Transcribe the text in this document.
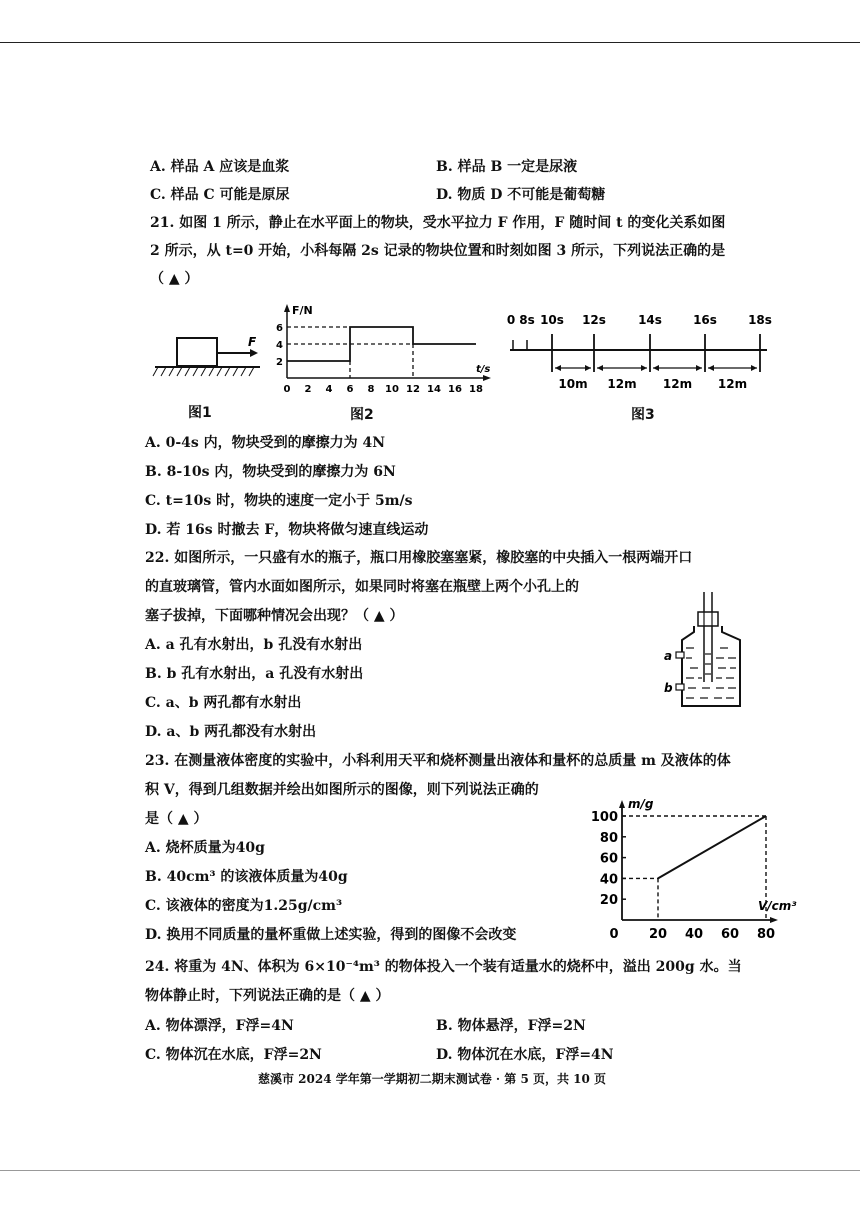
A. 样品 A 应该是血浆	B. 样品 B 一定是尿液
C. 样品 C 可能是原尿	D. 物质 D 不可能是葡萄糖
21. 如图 1 所示，静止在水平面上的物块，受水平拉力 F 作用，F 随时间 t 的变化关系如图
2 所示，从 t=0 开始，小科每隔 2s 记录的物块位置和时刻如图 3 所示，下列说法正确的是
（ ▲ ）
F
图1
F/N
t/s
0 2 4 6 8 10 12 14 16 18
2
4
6
图2
0 8s 10s 12s	14s	16s	18s
10m 12m 12m 12m
图3
A. 0-4s 内，物块受到的摩擦力为 4N
B. 8-10s 内，物块受到的摩擦力为 6N
C. t=10s 时，物块的速度一定小于 5m/s
D. 若 16s 时撤去 F，物块将做匀速直线运动
22. 如图所示，一只盛有水的瓶子，瓶口用橡胶塞塞紧，橡胶塞的中央插入一根两端开口
的直玻璃管，管内水面如图所示，如果同时将塞在瓶壁上两个小孔上的
塞子拔掉，下面哪种情况会出现？（ ▲ ）
A. a 孔有水射出，b 孔没有水射出
B. b 孔有水射出，a 孔没有水射出
C. a、b 两孔都有水射出
D. a、b 两孔都没有水射出
a
b
23. 在测量液体密度的实验中，小科利用天平和烧杯测量出液体和量杯的总质量 m 及液体的体
积 V，得到几组数据并绘出如图所示的图像，则下列说法正确的
是（ ▲ ）
A. 烧杯质量为40g
B. 40cm³ 的该液体质量为40g
C. 该液体的密度为1.25g/cm³
D. 换用不同质量的量杯重做上述实验，得到的图像不会改变
m/g
V/cm³
0 20 40 60 80
20
40
60
80
100
24. 将重为 4N、体积为 6×10⁻⁴m³ 的物体投入一个装有适量水的烧杯中，溢出 200g 水。当
物体静止时，下列说法正确的是（ ▲ ）
A. 物体漂浮，F浮=4N	B. 物体悬浮，F浮=2N
C. 物体沉在水底，F浮=2N	D. 物体沉在水底，F浮=4N
慈溪市 2024 学年第一学期初二期末测试卷 · 第 5 页，共 10 页
